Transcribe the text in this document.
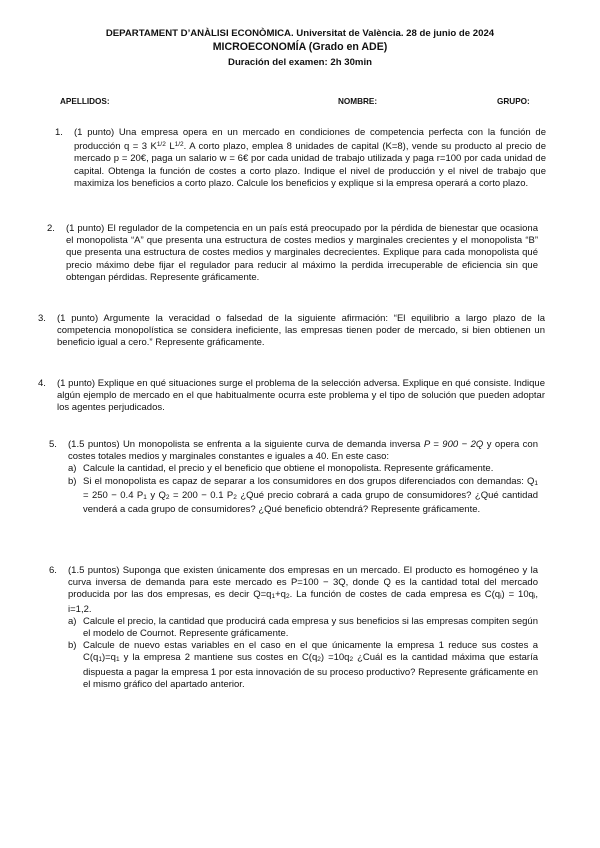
DEPARTAMENT D’ANÀLISI ECONÒMICA. Universitat de València. 28 de junio de 2024
MICROECONOMÍA (Grado en ADE)
Duración del examen: 2h 30min
APELLIDOS:	NOMBRE:	GRUPO:
1. (1 punto) Una empresa opera en un mercado en condiciones de competencia perfecta con la función de producción q = 3 $K^{1/2}$ $L^{1/2}$. A corto plazo, emplea 8 unidades de capital (K=8), vende su producto al precio de mercado p = 20€, paga un salario w = 6€ por cada unidad de trabajo utilizada y paga r=100 por cada unidad de capital. Obtenga la función de costes a corto plazo. Indique el nivel de producción y el nivel de trabajo que maximiza los beneficios a corto plazo. Calcule los beneficios y explique si la empresa operará a corto plazo.

2. (1 punto) El regulador de la competencia en un país está preocupado por la pérdida de bienestar que ocasiona el monopolista “A” que presenta una estructura de costes medios y marginales crecientes y el monopolista “B” que presenta una estructura de costes medios y marginales decrecientes. Explique para cada monopolista qué precio máximo debe fijar el regulador para reducir al máximo la perdida irrecuperable de eficiencia sin que obtengan pérdidas. Represente gráficamente.

3. (1 punto) Argumente la veracidad o falsedad de la siguiente afirmación: “El equilibrio a largo plazo de la competencia monopolística se considera ineficiente, las empresas tienen poder de mercado, si bien obtienen un beneficio igual a cero.” Represente gráficamente.

4. (1 punto) Explique en qué situaciones surge el problema de la selección adversa. Explique en qué consiste. Indique algún ejemplo de mercado en el que habitualmente ocurra este problema y el tipo de solución que pueden adoptar los agentes perjudicados.

5. (1.5 puntos) Un monopolista se enfrenta a la siguiente curva de demanda inversa P = 900 − 2Q y opera con costes totales medios y marginales constantes e iguales a 40. En este caso:

a) Calcule la cantidad, el precio y el beneficio que obtiene el monopolista. Represente gráficamente.
b) Si el monopolista es capaz de separar a los consumidores en dos grupos diferenciados con demandas: Q1 = 250 − 0.4 P1 y Q2 = 200 − 0.1 P2 ¿Qué precio cobrará a cada grupo de consumidores? ¿Qué cantidad venderá a cada grupo de consumidores? ¿Qué beneficio obtendrá? Represente gráficamente.
6. (1.5 puntos) Suponga que existen únicamente dos empresas en un mercado. El producto es homogéneo y la curva inversa de demanda para este mercado es P=100 − 3Q, donde Q es la cantidad total del mercado producida por las dos empresas, es decir Q=q1+q2. La función de costes de cada empresa es C(qi) = 10qi, i=1,2.

a) Calcule el precio, la cantidad que producirá cada empresa y sus beneficios si las empresas compiten según el modelo de Cournot. Represente gráficamente.
b) Calcule de nuevo estas variables en el caso en el que únicamente la empresa 1 reduce sus costes a C(q1)=q1 y la empresa 2 mantiene sus costes en C(q2) =10q2 ¿Cuál es la cantidad máxima que estaría dispuesta a pagar la empresa 1 por esta innovación de su proceso productivo? Represente gráficamente en el mismo gráfico del apartado anterior.
